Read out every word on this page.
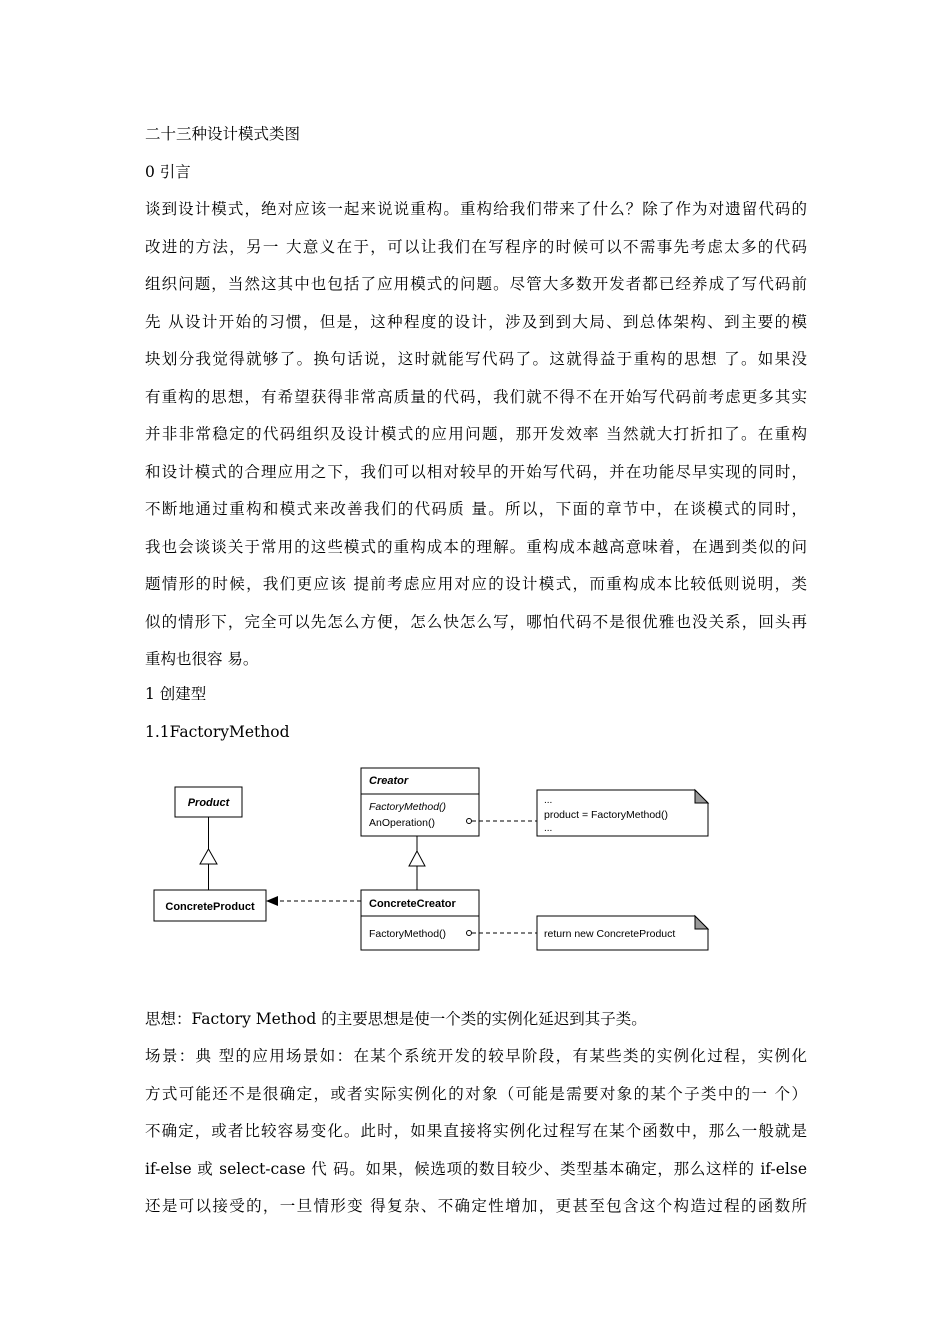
二十三种设计模式类图
0 引言
谈到设计模式，绝对应该一起来说说重构。重构给我们带来了什么？除了作为对遗留代码的
改进的方法，另一 大意义在于，可以让我们在写程序的时候可以不需事先考虑太多的代码
组织问题，当然这其中也包括了应用模式的问题。尽管大多数开发者都已经养成了写代码前
先 从设计开始的习惯，但是，这种程度的设计，涉及到到大局、到总体架构、到主要的模
块划分我觉得就够了。换句话说，这时就能写代码了。这就得益于重构的思想 了。如果没
有重构的思想，有希望获得非常高质量的代码，我们就不得不在开始写代码前考虑更多其实
并非非常稳定的代码组织及设计模式的应用问题，那开发效率 当然就大打折扣了。在重构
和设计模式的合理应用之下，我们可以相对较早的开始写代码，并在功能尽早实现的同时，
不断地通过重构和模式来改善我们的代码质 量。所以，下面的章节中，在谈模式的同时，
我也会谈谈关于常用的这些模式的重构成本的理解。重构成本越高意味着，在遇到类似的问
题情形的时候，我们更应该 提前考虑应用对应的设计模式，而重构成本比较低则说明，类
似的情形下，完全可以先怎么方便，怎么快怎么写，哪怕代码不是很优雅也没关系，回头再
重构也很容 易。
1 创建型
1.1FactoryMethod
Product
ConcreteProduct
Creator
FactoryMethod()
AnOperation()
ConcreteCreator
FactoryMethod()
...
product = FactoryMethod()
...
return new ConcreteProduct
思想：Factory Method 的主要思想是使一个类的实例化延迟到其子类。
场景：典 型的应用场景如：在某个系统开发的较早阶段，有某些类的实例化过程，实例化
方式可能还不是很确定，或者实际实例化的对象（可能是需要对象的某个子类中的一 个）
不确定，或者比较容易变化。此时，如果直接将实例化过程写在某个函数中，那么一般就是
if-else 或 select-case 代 码。如果，候选项的数目较少、类型基本确定，那么这样的 if-else
还是可以接受的，一旦情形变 得复杂、不确定性增加，更甚至包含这个构造过程的函数所
